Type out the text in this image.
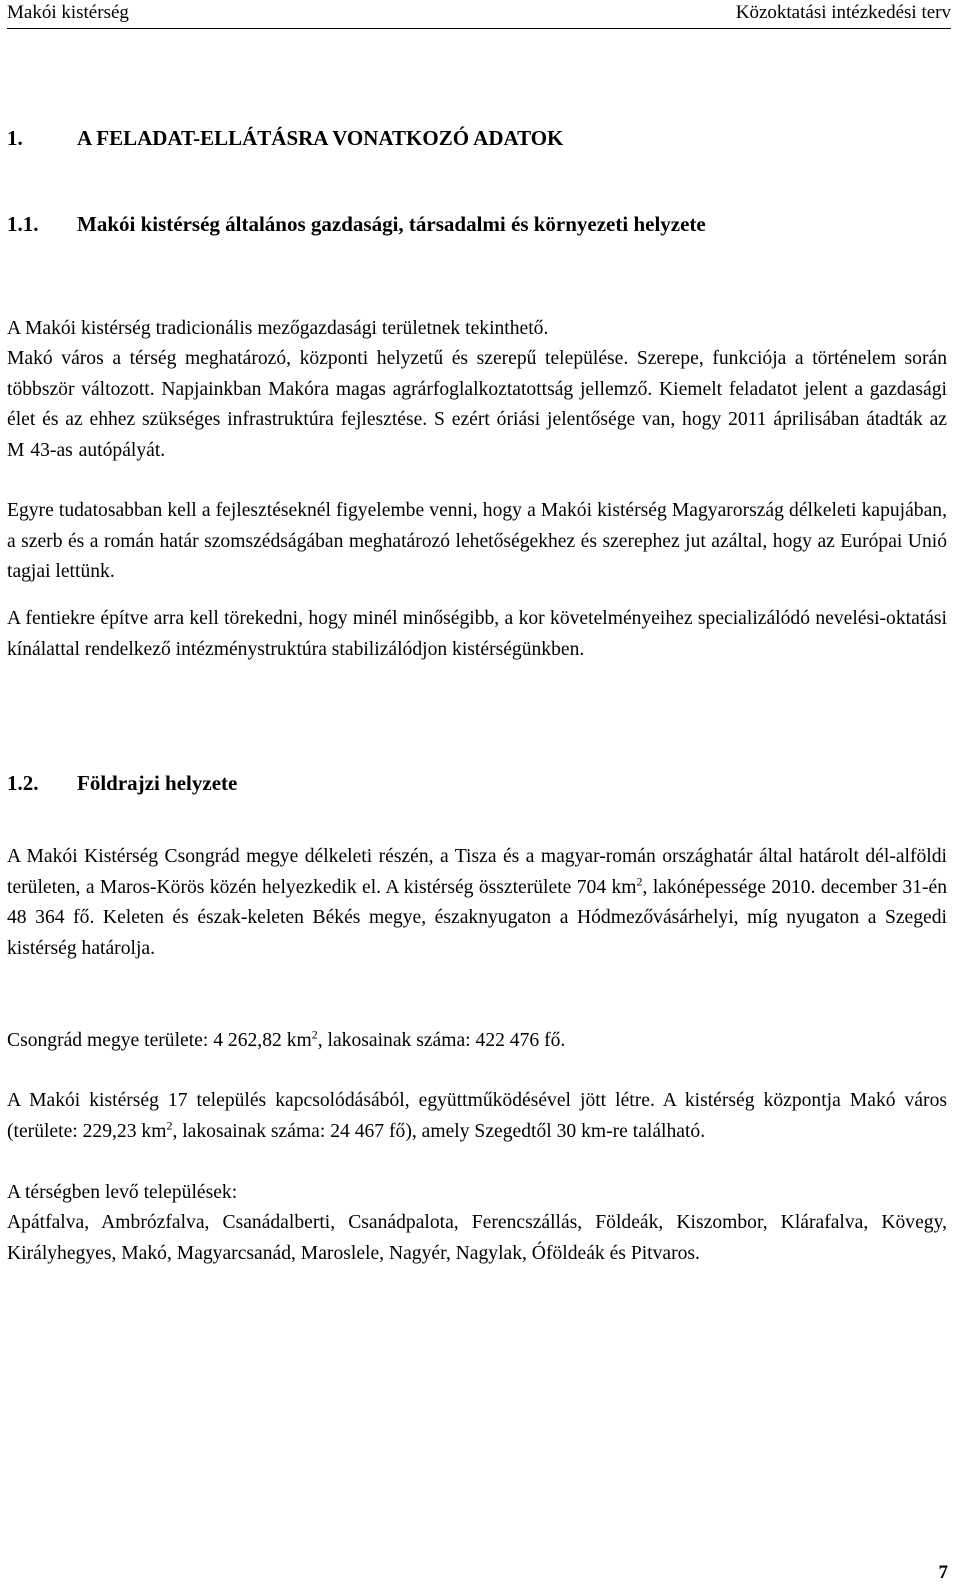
Makói kistérség	Közoktatási intézkedési terv
1.	A FELADAT-ELLÁTÁSRA VONATKOZÓ ADATOK
1.1. Makói kistérség általános gazdasági, társadalmi és környezeti helyzete
A Makói kistérség tradicionális mezőgazdasági területnek tekinthető.
Makó város a térség meghatározó, központi helyzetű és szerepű települése. Szerepe, funkciója a történelem során többször változott. Napjainkban Makóra magas agrárfoglalkoztatottság jellemző. Kiemelt feladatot jelent a gazdasági élet és az ehhez szükséges infrastruktúra fejlesztése. S ezért óriási jelentősége van, hogy 2011 áprilisában átadták az M 43-as autópályát.
Egyre tudatosabban kell a fejlesztéseknél figyelembe venni, hogy a Makói kistérség Magyarország délkeleti kapujában, a szerb és a román határ szomszédságában meghatározó lehetőségekhez és szerephez jut azáltal, hogy az Európai Unió tagjai lettünk.
A fentiekre építve arra kell törekedni, hogy minél minőségibb, a kor követelményeihez specializálódó nevelési-oktatási kínálattal rendelkező intézménystruktúra stabilizálódjon kistérségünkben.
1.2. Földrajzi helyzete
A Makói Kistérség Csongrád megye délkeleti részén, a Tisza és a magyar-román országhatár által határolt dél-alföldi területen, a Maros-Körös közén helyezkedik el. A kistérség összterülete 704 $km^2$, lakónépessége 2010. december 31-én 48 364 fő. Keleten és észak-keleten Békés megye, északnyugaton a Hódmezővásárhelyi, míg nyugaton a Szegedi kistérség határolja.
Csongrád megye területe: 4 262,82 $km^2$, lakosainak száma: 422 476 fő.
A Makói kistérség 17 település kapcsolódásából, együttműködésével jött létre. A kistérség központja Makó város (területe: 229,23 $km^2$, lakosainak száma: 24 467 fő), amely Szegedtől 30 km-re található.
A térségben levő települések:
Apátfalva, Ambrózfalva, Csanádalberti, Csanádpalota, Ferencszállás, Földeák, Kiszombor, Klárafalva, Kövegy, Királyhegyes, Makó, Magyarcsanád, Maroslele, Nagyér, Nagylak, Óföldeák és Pitvaros.
7
